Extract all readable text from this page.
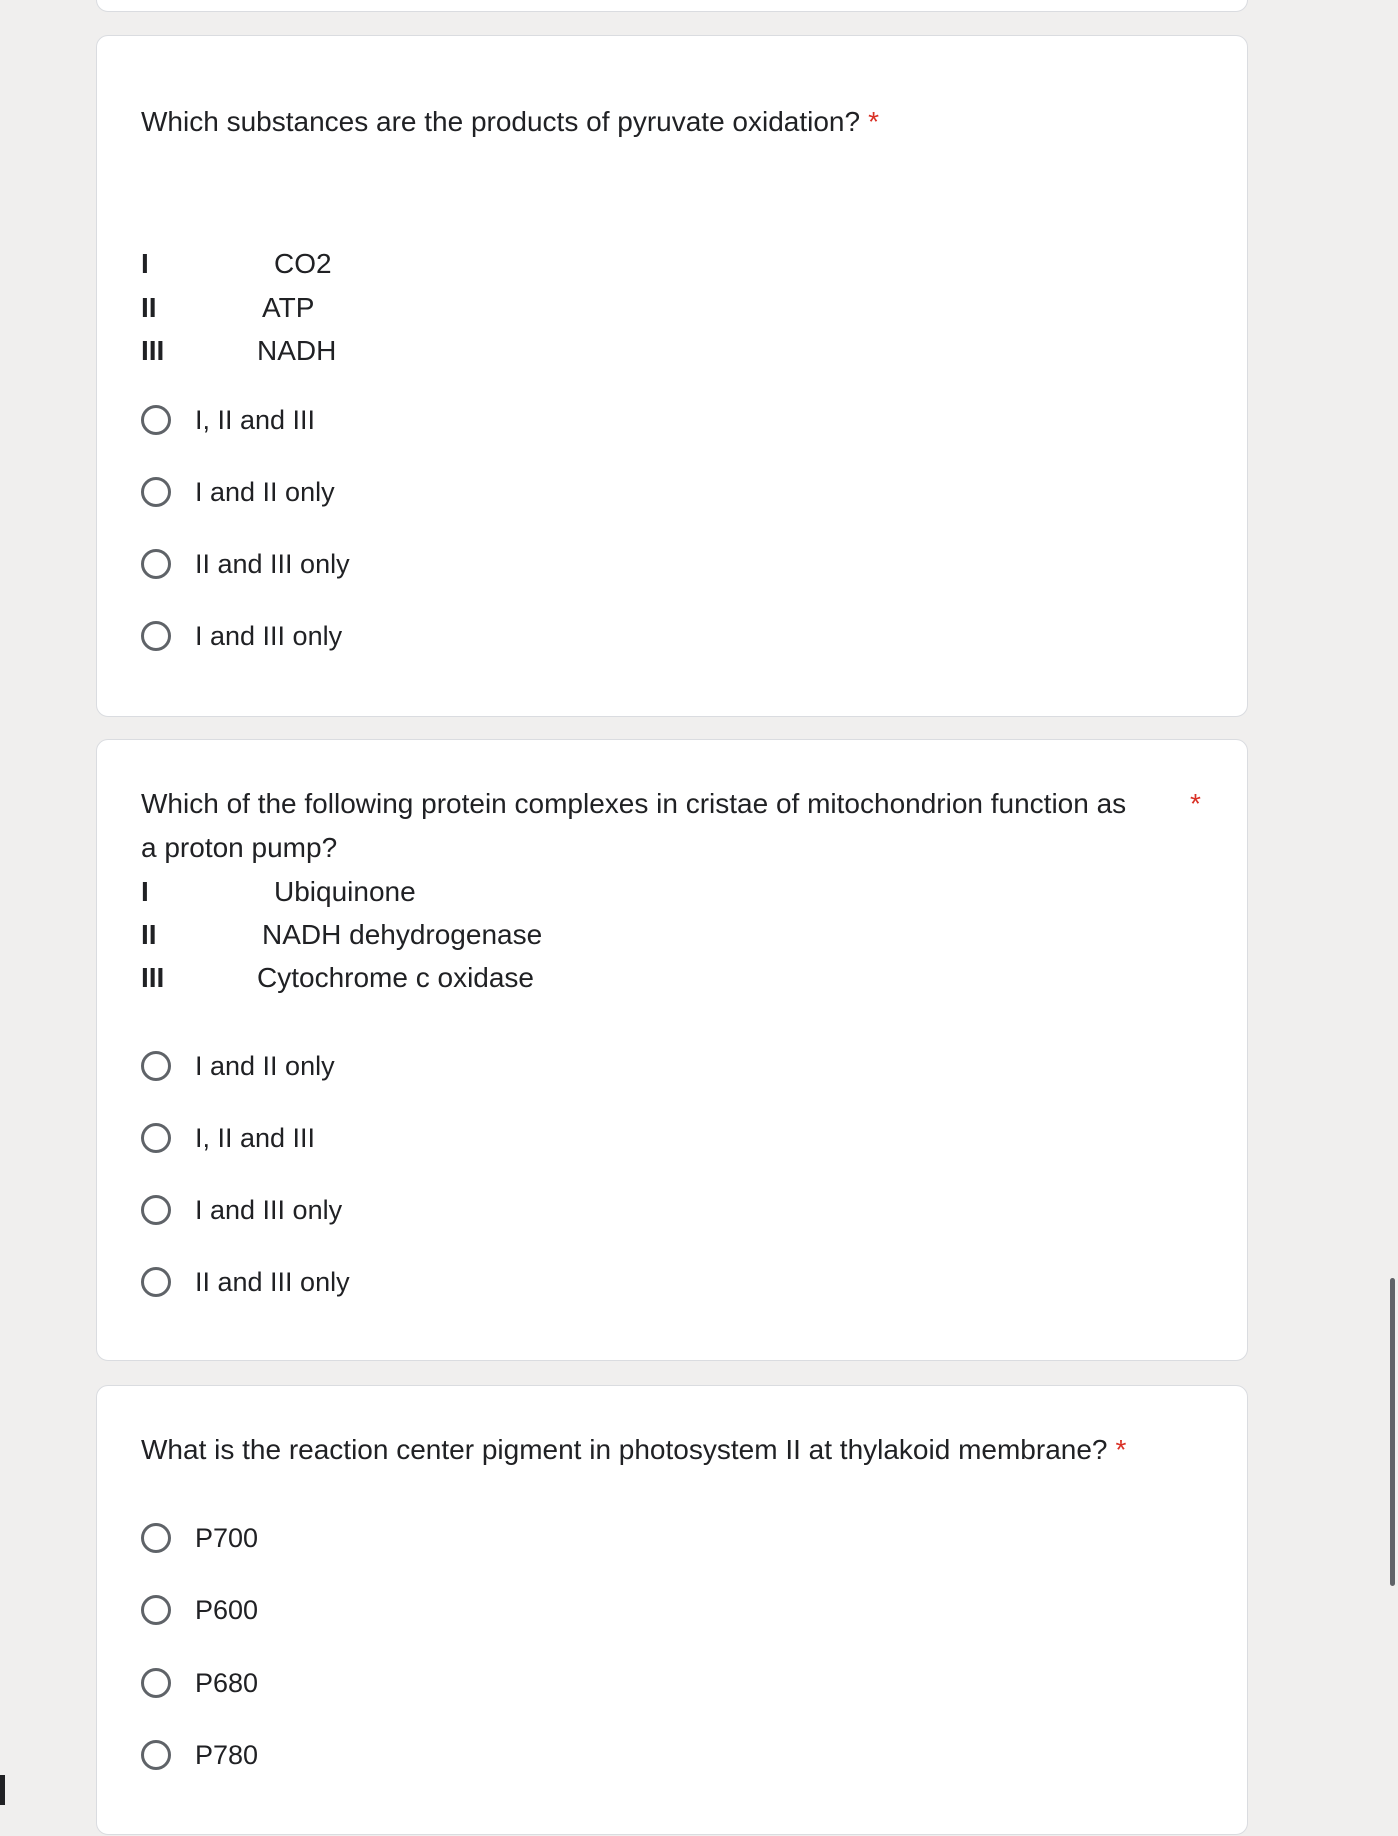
Which substances are the products of pyruvate oxidation? *
I	CO2
II	ATP
III	NADH
I, II and III
I and II only
II and III only
I and III only
Which of the following protein complexes in cristae of mitochondrion function as
a proton pump?
*
I	Ubiquinone
II	NADH dehydrogenase
III	Cytochrome c oxidase
I and II only
I, II and III
I and III only
II and III only
What is the reaction center pigment in photosystem II at thylakoid membrane? *
P700
P600
P680
P780
